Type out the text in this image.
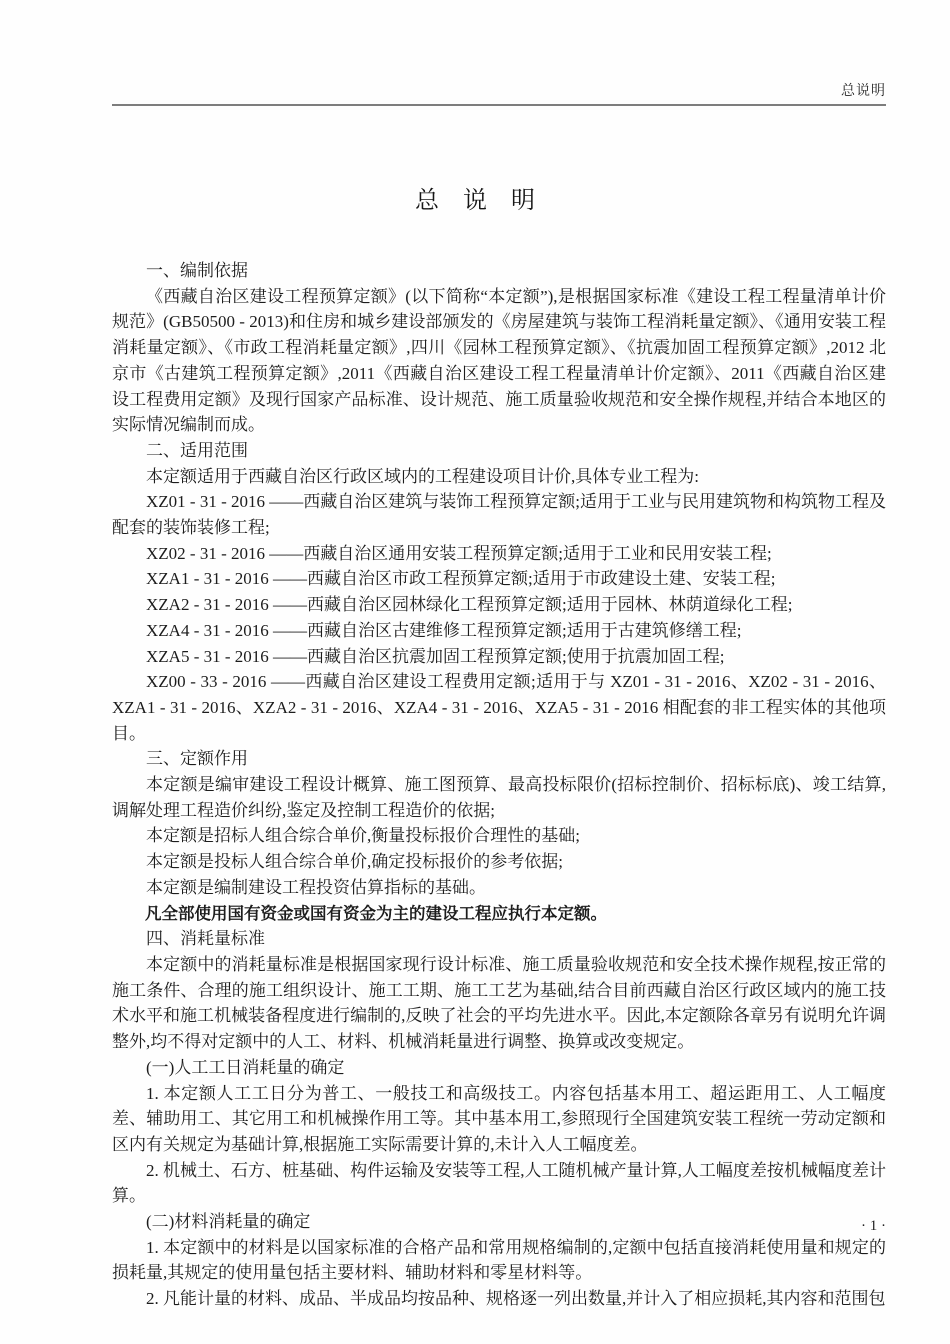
总说明
总　说　明

一、编制依据

《西藏自治区建设工程预算定额》(以下简称“本定额”),是根据国家标准《建设工程工程量清单计价规范》(GB50500 - 2013)和住房和城乡建设部颁发的《房屋建筑与装饰工程消耗量定额》、《通用安装工程消耗量定额》、《市政工程消耗量定额》,四川《园林工程预算定额》、《抗震加固工程预算定额》,2012 北京市《古建筑工程预算定额》,2011《西藏自治区建设工程工程量清单计价定额》、2011《西藏自治区建设工程费用定额》及现行国家产品标准、设计规范、施工质量验收规范和安全操作规程,并结合本地区的实际情况编制而成。

二、适用范围

本定额适用于西藏自治区行政区域内的工程建设项目计价,具体专业工程为:

XZ01 - 31 - 2016 ——西藏自治区建筑与装饰工程预算定额;适用于工业与民用建筑物和构筑物工程及配套的装饰装修工程;

XZ02 - 31 - 2016 ——西藏自治区通用安装工程预算定额;适用于工业和民用安装工程;

XZA1 - 31 - 2016 ——西藏自治区市政工程预算定额;适用于市政建设土建、安装工程;

XZA2 - 31 - 2016 ——西藏自治区园林绿化工程预算定额;适用于园林、林荫道绿化工程;

XZA4 - 31 - 2016 ——西藏自治区古建维修工程预算定额;适用于古建筑修缮工程;

XZA5 - 31 - 2016 ——西藏自治区抗震加固工程预算定额;使用于抗震加固工程;

XZ00 - 33 - 2016 ——西藏自治区建设工程费用定额;适用于与 XZ01 - 31 - 2016、XZ02 - 31 - 2016、XZA1 - 31 - 2016、XZA2 - 31 - 2016、XZA4 - 31 - 2016、XZA5 - 31 - 2016 相配套的非工程实体的其他项目。

三、定额作用

本定额是编审建设工程设计概算、施工图预算、最高投标限价(招标控制价、招标标底)、竣工结算,调解处理工程造价纠纷,鉴定及控制工程造价的依据;

本定额是招标人组合综合单价,衡量投标报价合理性的基础;

本定额是投标人组合综合单价,确定投标报价的参考依据;

本定额是编制建设工程投资估算指标的基础。

凡全部使用国有资金或国有资金为主的建设工程应执行本定额。

四、消耗量标准

本定额中的消耗量标准是根据国家现行设计标准、施工质量验收规范和安全技术操作规程,按正常的施工条件、合理的施工组织设计、施工工期、施工工艺为基础,结合目前西藏自治区行政区域内的施工技术水平和施工机械装备程度进行编制的,反映了社会的平均先进水平。因此,本定额除各章另有说明允许调整外,均不得对定额中的人工、材料、机械消耗量进行调整、换算或改变规定。

(一)人工工日消耗量的确定

1. 本定额人工工日分为普工、一般技工和高级技工。内容包括基本用工、超运距用工、人工幅度差、辅助用工、其它用工和机械操作用工等。其中基本用工,参照现行全国建筑安装工程统一劳动定额和区内有关规定为基础计算,根据施工实际需要计算的,未计入人工幅度差。

2. 机械土、石方、桩基础、构件运输及安装等工程,人工随机械产量计算,人工幅度差按机械幅度差计算。

(二)材料消耗量的确定

1. 本定额中的材料是以国家标准的合格产品和常用规格编制的,定额中包括直接消耗使用量和规定的损耗量,其规定的使用量包括主要材料、辅助材料和零星材料等。

2. 凡能计量的材料、成品、半成品均按品种、规格逐一列出数量,并计入了相应损耗,其内容和范围包

· 1 ·
